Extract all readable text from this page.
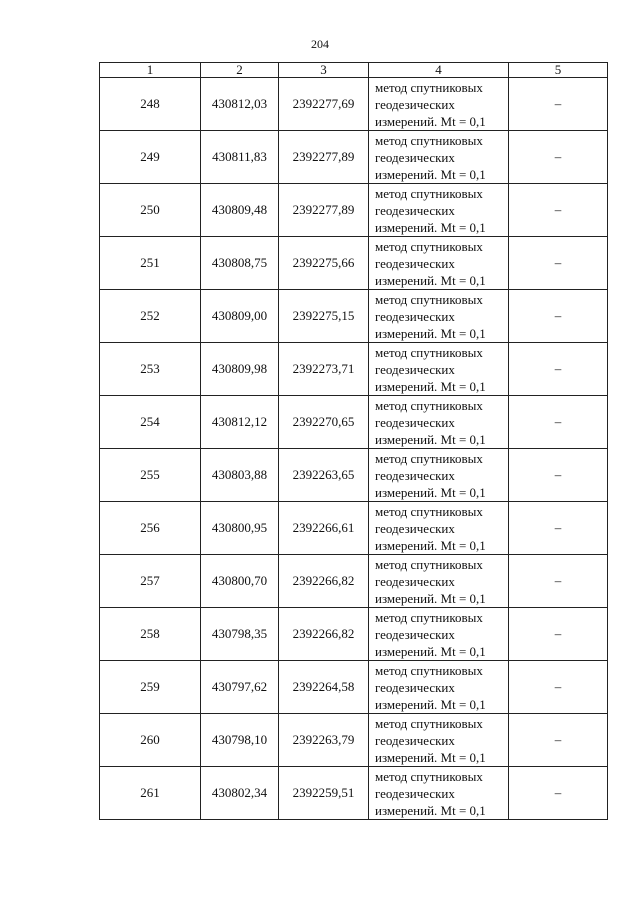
204
1	2	3	4	5
248	430812,03	2392277,69	метод спутниковых
геодезических
измерений. Mt = 0,1	–
249	430811,83	2392277,89	метод спутниковых
геодезических
измерений. Mt = 0,1	–
250	430809,48	2392277,89	метод спутниковых
геодезических
измерений. Mt = 0,1	–
251	430808,75	2392275,66	метод спутниковых
геодезических
измерений. Mt = 0,1	–
252	430809,00	2392275,15	метод спутниковых
геодезических
измерений. Mt = 0,1	–
253	430809,98	2392273,71	метод спутниковых
геодезических
измерений. Mt = 0,1	–
254	430812,12	2392270,65	метод спутниковых
геодезических
измерений. Mt = 0,1	–
255	430803,88	2392263,65	метод спутниковых
геодезических
измерений. Mt = 0,1	–
256	430800,95	2392266,61	метод спутниковых
геодезических
измерений. Mt = 0,1	–
257	430800,70	2392266,82	метод спутниковых
геодезических
измерений. Mt = 0,1	–
258	430798,35	2392266,82	метод спутниковых
геодезических
измерений. Mt = 0,1	–
259	430797,62	2392264,58	метод спутниковых
геодезических
измерений. Mt = 0,1	–
260	430798,10	2392263,79	метод спутниковых
геодезических
измерений. Mt = 0,1	–
261	430802,34	2392259,51	метод спутниковых
геодезических
измерений. Mt = 0,1	–
